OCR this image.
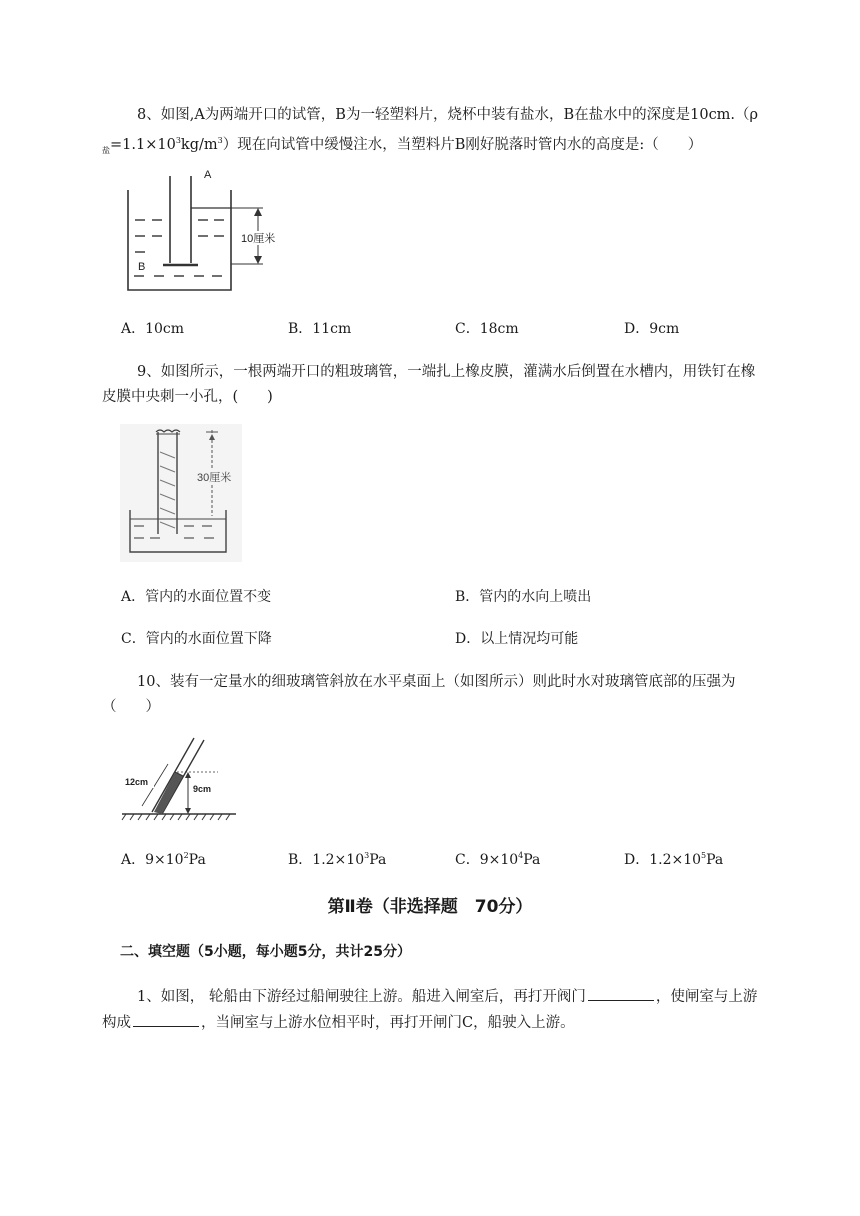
8、如图,A为两端开口的试管，B为一轻塑料片，烧杯中装有盐水，B在盐水中的深度是10cm.（ρ
$_盐=1.1\times 10^3kg/m^3$）现在向试管中缓慢注水，当塑料片B刚好脱落时管内水的高度是:（　　）
10厘米
A
B
A．10cm	B．11cm	C．18cm	D．9cm
9、如图所示，一根两端开口的粗玻璃管，一端扎上橡皮膜，灌满水后倒置在水槽内，用铁钉在橡
皮膜中央刺一小孔，(　　)
30厘米
A．管内的水面位置不变	B．管内的水向上喷出
C．管内的水面位置下降	D．以上情况均可能
10、装有一定量水的细玻璃管斜放在水平桌面上（如图所示）则此时水对玻璃管底部的压强为
（　　）
9cm
12cm
A．$9\times 10^2Pa$	B．$1.2\times 10^3Pa$	C．$9\times 10^4Pa$	D．$1.2\times 10^5Pa$
第Ⅱ卷（非选择题　70分）
二、填空题（5小题，每小题5分，共计25分）
1、如图， 轮船由下游经过船闸驶往上游。船进入闸室后，再打开阀门	，使闸室与上游
构成	，当闸室与上游水位相平时，再打开闸门C，船驶入上游。
